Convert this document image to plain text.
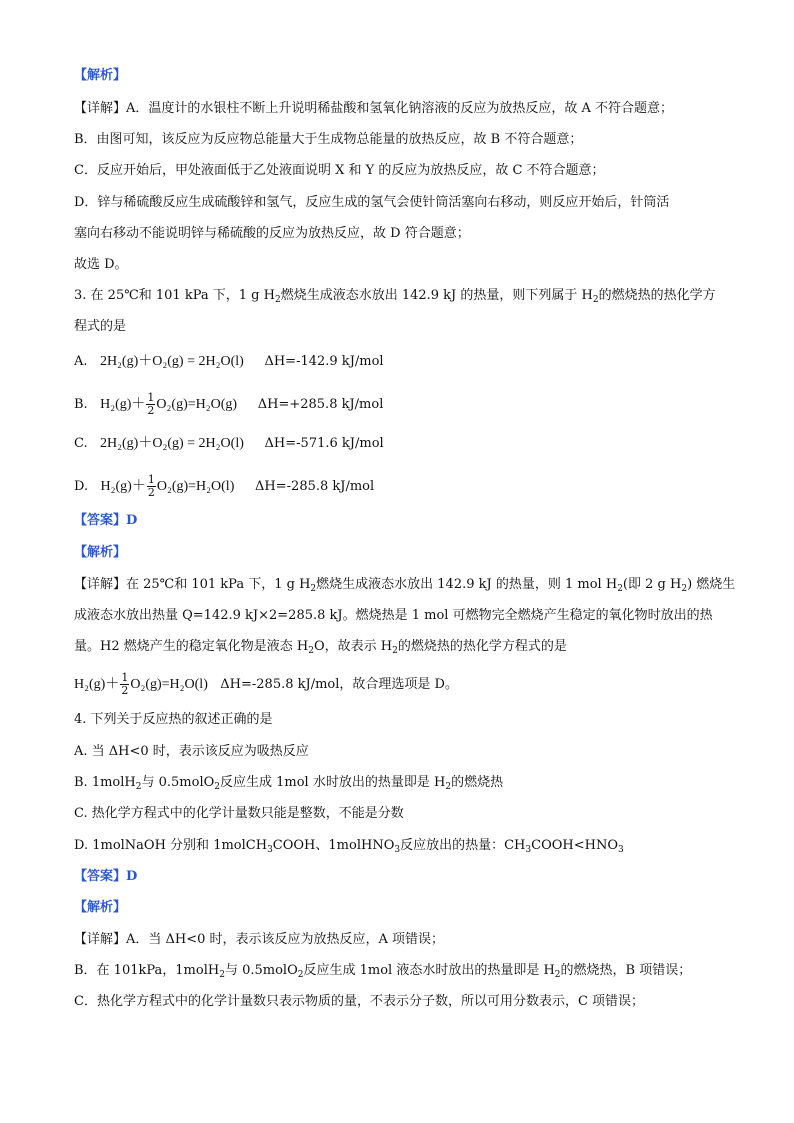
【解析】
【详解】A．温度计的水银柱不断上升说明稀盐酸和氢氧化钠溶液的反应为放热反应，故 A 不符合题意；
B．由图可知，该反应为反应物总能量大于生成物总能量的放热反应，故 B 不符合题意；
C．反应开始后，甲处液面低于乙处液面说明 X 和 Y 的反应为放热反应，故 C 不符合题意；
D．锌与稀硫酸反应生成硫酸锌和氢气，反应生成的氢气会使针筒活塞向右移动，则反应开始后，针筒活
塞向右移动不能说明锌与稀硫酸的反应为放热反应，故 D 符合题意；
故选 D。
3. 在 25℃和 101 kPa 下，1 g $H_2$燃烧生成液态水放出 142.9 kJ 的热量，则下列属于 $H_2$的燃烧热的热化学方
程式的是
A. 2H₂(g)＋O₂(g) = 2H₂O(l) ΔH=-142.9 kJ/mol
B. $H_2(g)+ \frac{1}{2} O_2(g)=H_2O(g)$ ΔH=+285.8 kJ/mol
C. 2H₂(g)＋O₂(g) = 2H₂O(l) ΔH=-571.6 kJ/mol
D. $H_2(g)+ \frac{1}{2} O_2(g)=H_2O(l)$ ΔH=-285.8 kJ/mol
【答案】D
【解析】
【详解】在 25℃和 101 kPa 下，1 g $H_2$燃烧生成液态水放出 142.9 kJ 的热量，则 1 mol $H_2$(即 2 g $H_2$) 燃烧生
成液态水放出热量 Q=142.9 kJ×2=285.8 kJ。燃烧热是 1 mol 可燃物完全燃烧产生稳定的氧化物时放出的热
量。H2 燃烧产生的稳定氧化物是液态 $H_2O$，故表示 $H_2$的燃烧热的热化学方程式的是
$H_2(g)+ \frac{1}{2} O_2(g)=H_2O(l)$ ΔH=-285.8 kJ/mol，故合理选项是 D。
4. 下列关于反应热的叙述正确的是
A. 当 ΔH<0 时，表示该反应为吸热反应
B. 1molH$_2$与 0.5molO$_2$反应生成 1mol 水时放出的热量即是 $H_2$的燃烧热
C. 热化学方程式中的化学计量数只能是整数，不能是分数
D. 1molNaOH 分别和 1molCH$_3$COOH、1molHNO$_3$反应放出的热量：$CH_3COOH<HNO_3$
【答案】D
【解析】
【详解】A．当 ΔH<0 时，表示该反应为放热反应，A 项错误；
B．在 101kPa，1molH$_2$与 0.5molO$_2$反应生成 1mol 液态水时放出的热量即是 $H_2$的燃烧热，B 项错误；
C．热化学方程式中的化学计量数只表示物质的量，不表示分子数，所以可用分数表示，C 项错误；
